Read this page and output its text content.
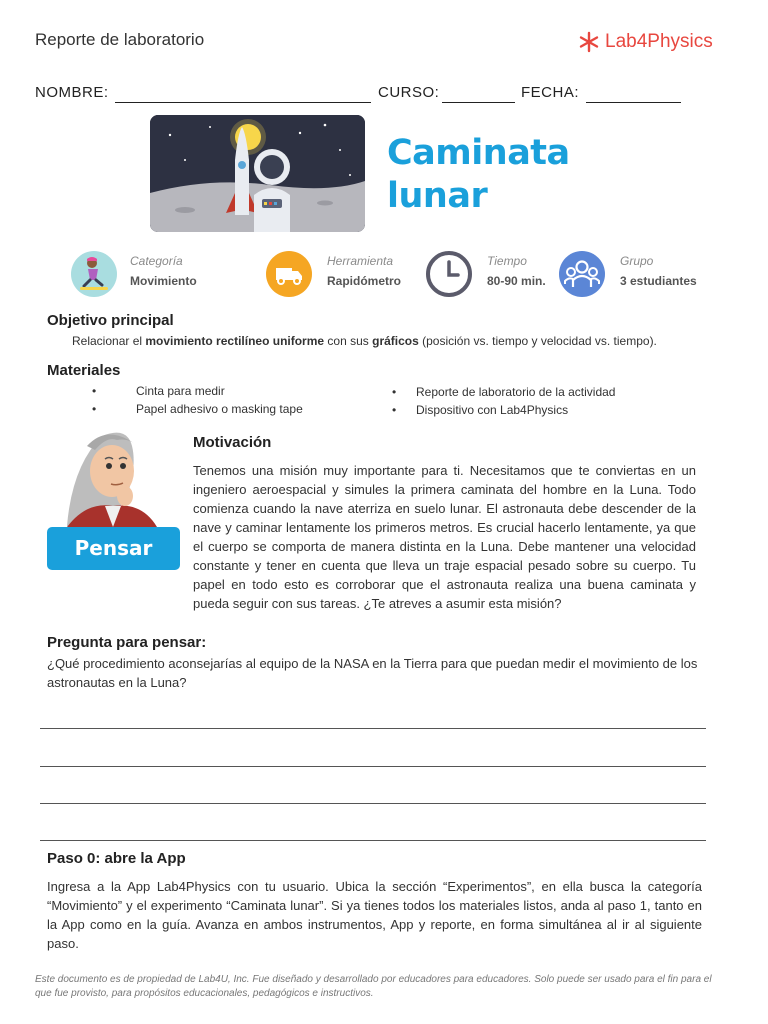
Reporte de laboratorio	Lab4Physics
NOMBRE:	CURSO:	FECHA:
Caminata
lunar
Categoría
Movimiento
Herramienta
Rapidómetro
Tiempo
80-90 min.
Grupo
3 estudiantes
Objetivo principal

Relacionar el movimiento rectilíneo uniforme con sus gráficos (posición vs. tiempo y velocidad vs. tiempo).

Materiales
•	Cinta para medir
•	Papel adhesivo o masking tape
• Reporte de laboratorio de la actividad
• Dispositivo con Lab4Physics
Pensar
Motivación

Tenemos una misión muy importante para ti. Necesitamos que te conviertas en un ingeniero aeroespacial y simules la primera caminata del hombre en la Luna. Todo comienza cuando la nave aterriza en suelo lunar. El astronauta debe descender de la nave y caminar lentamente los primeros metros. Es crucial hacerlo lentamente, ya que el cuerpo se comporta de manera distinta en la Luna. Debe mantener una velocidad constante y tener en cuenta que lleva un traje espacial pesado sobre su cuerpo. Tu papel en todo esto es corroborar que el astronauta realiza una buena caminata y pueda seguir con sus tareas. ¿Te atreves a asumir esta misión?

Pregunta para pensar:

¿Qué procedimiento aconsejarías al equipo de la NASA en la Tierra para que puedan medir el movimiento de los astronautas en la Luna?

Paso 0: abre la App

Ingresa a la App Lab4Physics con tu usuario. Ubica la sección “Experimentos”, en ella busca la categoría “Movimiento” y el experimento “Caminata lunar”. Si ya tienes todos los materiales listos, anda al paso 1, tanto en la App como en la guía. Avanza en ambos instrumentos, App y reporte, en forma simultánea al ir al siguiente paso.

Este documento es de propiedad de Lab4U, Inc. Fue diseñado y desarrollado por educadores para educadores. Solo puede ser usado para el fin para el que fue provisto, para propósitos educacionales, pedagógicos e instructivos.
